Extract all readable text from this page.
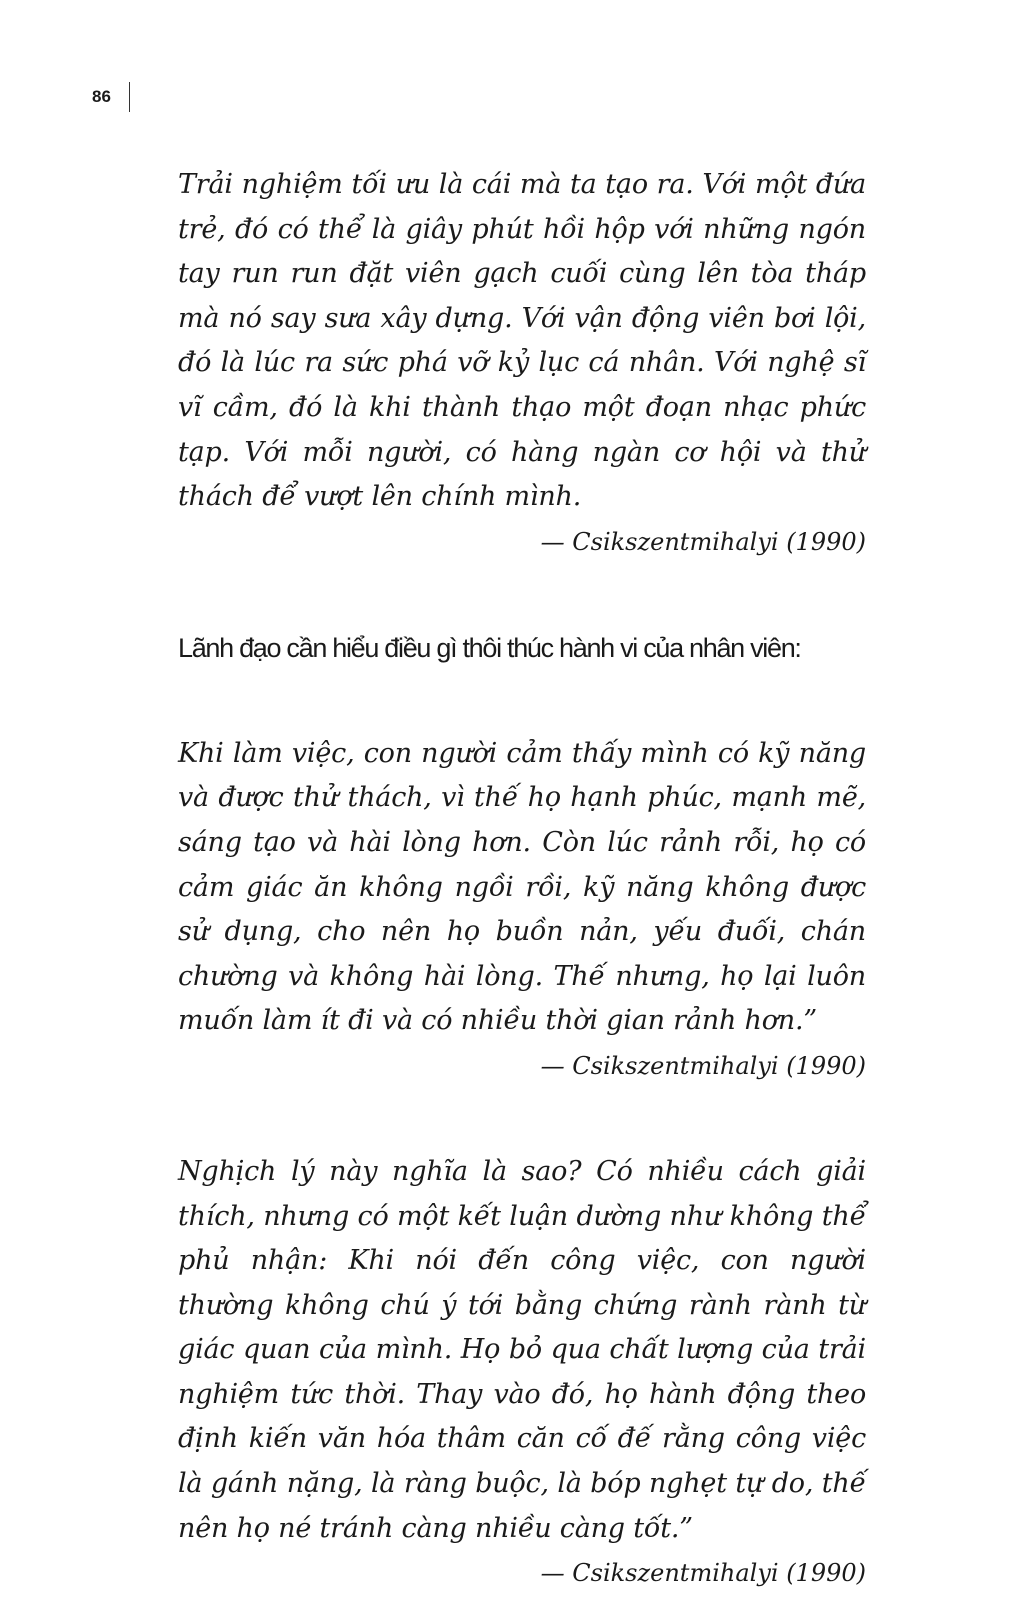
86

Trải nghiệm tối ưu là cái mà ta tạo ra. Với một đứa trẻ, đó có thể là giây phút hồi hộp với những ngón tay run run đặt viên gạch cuối cùng lên tòa tháp mà nó say sưa xây dựng. Với vận động viên bơi lội, đó là lúc ra sức phá vỡ kỷ lục cá nhân. Với nghệ sĩ vĩ cầm, đó là khi thành thạo một đoạn nhạc phức tạp. Với mỗi người, có hàng ngàn cơ hội và thử thách để vượt lên chính mình.

— Csikszentmihalyi (1990)

Lãnh đạo cần hiểu điều gì thôi thúc hành vi của nhân viên:

Khi làm việc, con người cảm thấy mình có kỹ năng và được thử thách, vì thế họ hạnh phúc, mạnh mẽ, sáng tạo và hài lòng hơn. Còn lúc rảnh rỗi, họ có cảm giác ăn không ngồi rồi, kỹ năng không được sử dụng, cho nên họ buồn nản, yếu đuối, chán chường và không hài lòng. Thế nhưng, họ lại luôn muốn làm ít đi và có nhiều thời gian rảnh hơn.”

— Csikszentmihalyi (1990)

Nghịch lý này nghĩa là sao? Có nhiều cách giải thích, nhưng có một kết luận dường như không thể phủ nhận: Khi nói đến công việc, con người thường không chú ý tới bằng chứng rành rành từ giác quan của mình. Họ bỏ qua chất lượng của trải nghiệm tức thời. Thay vào đó, họ hành động theo định kiến văn hóa thâm căn cố đế rằng công việc là gánh nặng, là ràng buộc, là bóp nghẹt tự do, thế nên họ né tránh càng nhiều càng tốt.”

— Csikszentmihalyi (1990)
